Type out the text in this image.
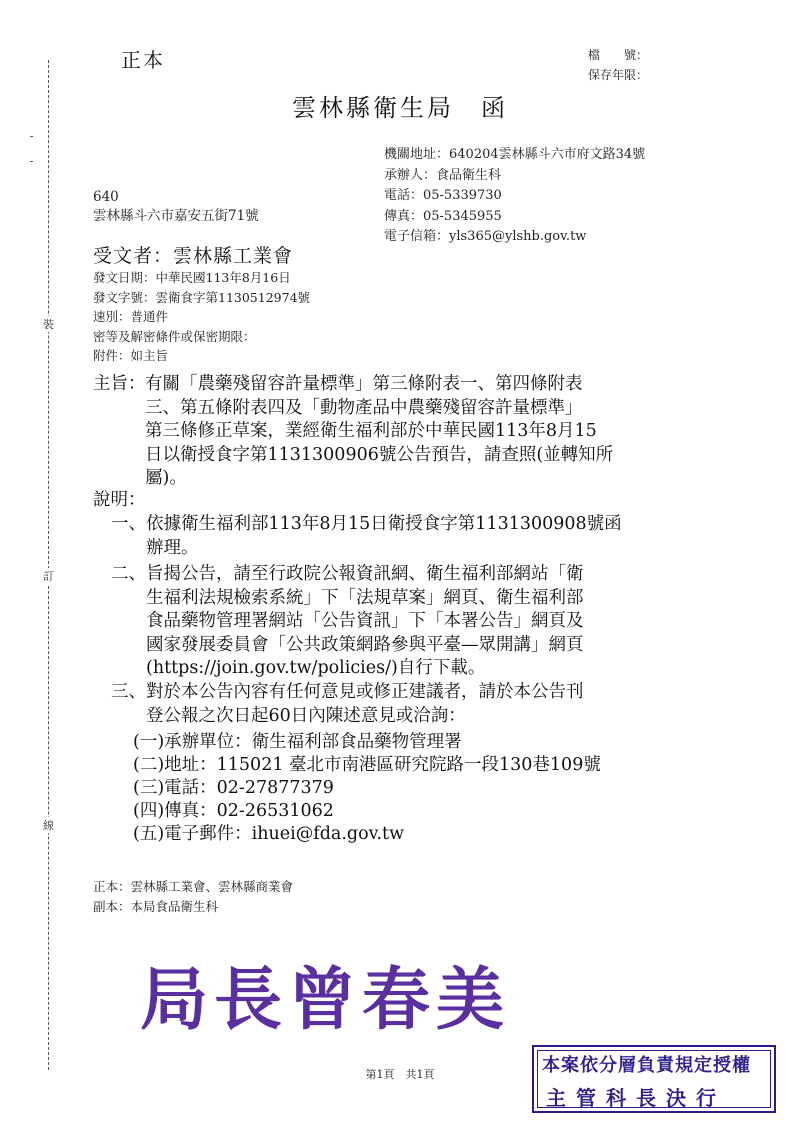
裝
訂
線
正本	檔　　號：
保存年限：
雲林縣衛生局　函
機關地址：640204雲林縣斗六市府文路34號
承辦人：食品衛生科
電話：05-5339730
傳真：05-5345955
電子信箱：yls365@ylshb.gov.tw
640
雲林縣斗六市嘉安五街71號
受文者：雲林縣工業會
發文日期：中華民國113年8月16日
發文字號：雲衛食字第1130512974號
速別：普通件
密等及解密條件或保密期限：
附件：如主旨
主旨： 有關「農藥殘留容許量標準」第三條附表一、第四條附表
三、第五條附表四及「動物產品中農藥殘留容許量標準」
第三條修正草案，業經衛生福利部於中華民國113年8月15
日以衛授食字第1131300906號公告預告，請查照(並轉知所
屬)。
說明：
一、依據衛生福利部113年8月15日衛授食字第1131300908號函
　　辦理。
二、旨揭公告，請至行政院公報資訊網、衛生福利部網站「衛
　　生福利法規檢索系統」下「法規草案」網頁、衛生福利部
　　食品藥物管理署網站「公告資訊」下「本署公告」網頁及
　　國家發展委員會「公共政策網路參與平臺—眾開講」網頁
　　(https://join.gov.tw/policies/)自行下載。
三、對於本公告內容有任何意見或修正建議者，請於本公告刊
　　登公報之次日起60日內陳述意見或洽詢：
(一)承辦單位：衛生福利部食品藥物管理署
(二)地址：115021 臺北市南港區研究院路一段130巷109號
(三)電話：02-27877379
(四)傳真：02-26531062
(五)電子郵件：ihuei@fda.gov.tw
正本：雲林縣工業會、雲林縣商業會
副本：本局食品衛生科
局長曾春美
第1頁　共1頁	本案依分層負責規定授權
主管科長決行
